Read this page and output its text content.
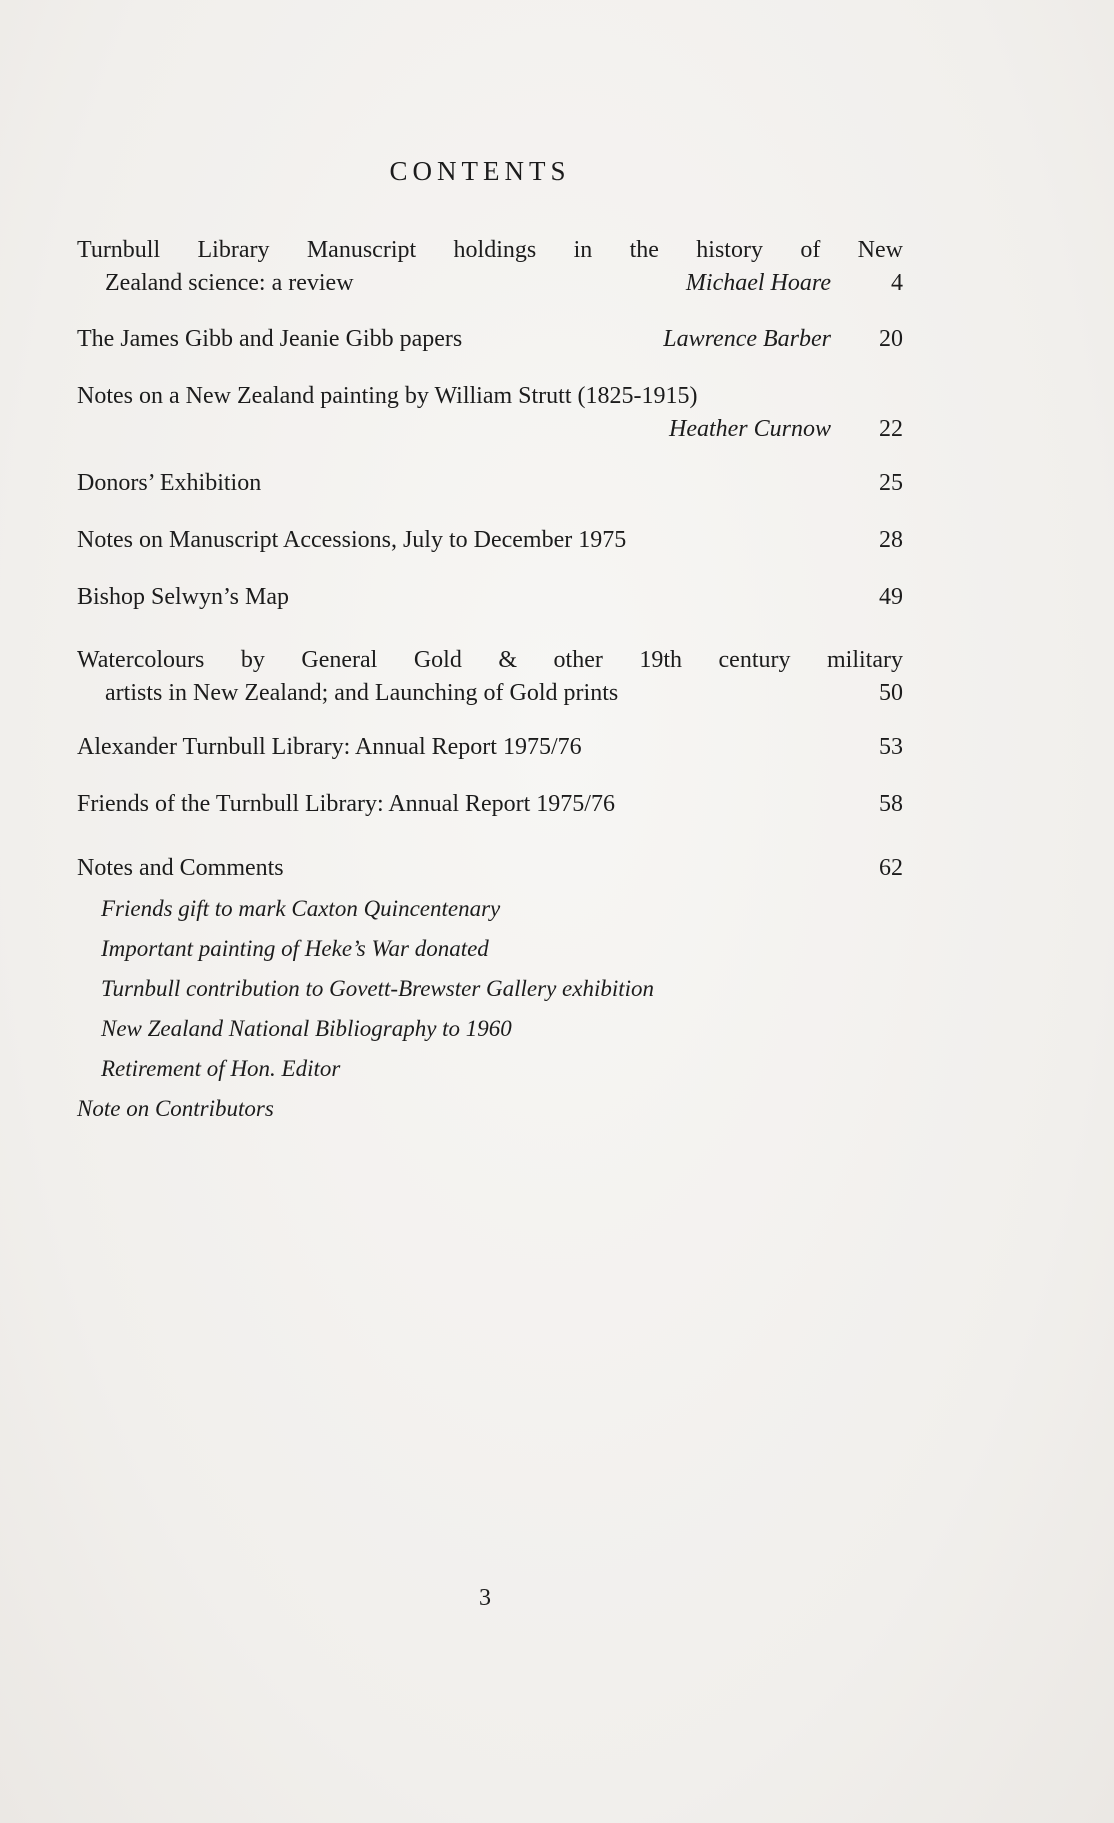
CONTENTS
Turnbull Library Manuscript holdings in the history of New
Zealand science: a review	Michael Hoare	4
The James Gibb and Jeanie Gibb papers	Lawrence Barber	20
Notes on a New Zealand painting by William Strutt (1825-1915)
Heather Curnow	22
Donors’ Exhibition	25
Notes on Manuscript Accessions, July to December 1975	28
Bishop Selwyn’s Map	49
Watercolours by General Gold & other 19th century military
artists in New Zealand; and Launching of Gold prints	50
Alexander Turnbull Library: Annual Report 1975/76	53
Friends of the Turnbull Library: Annual Report 1975/76	58
Notes and Comments	62
Friends gift to mark Caxton Quincentenary
Important painting of Heke’s War donated
Turnbull contribution to Govett-Brewster Gallery exhibition
New Zealand National Bibliography to 1960
Retirement of Hon. Editor
Note on Contributors
3
